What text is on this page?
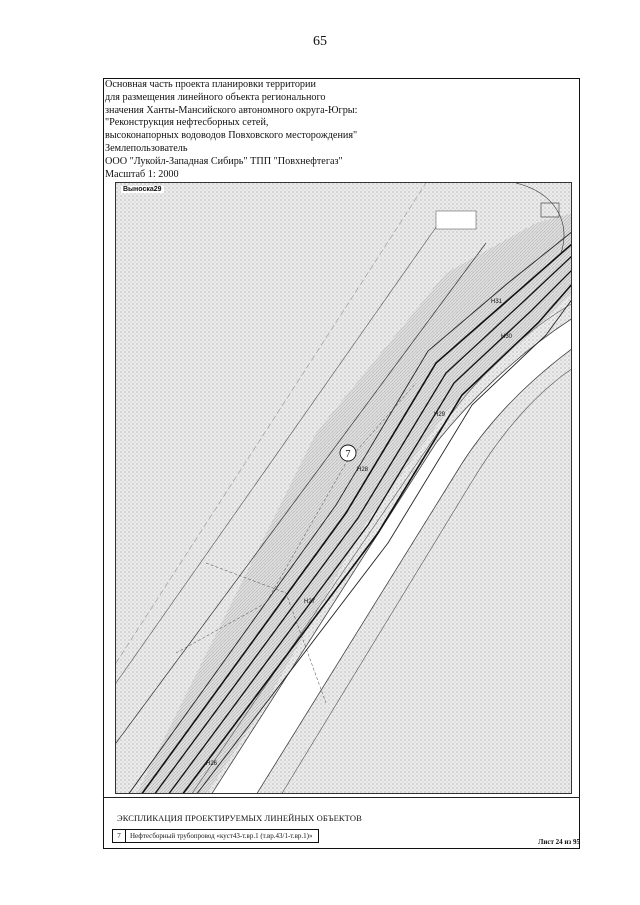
65
Основная часть проекта планировки территории
для размещения линейного объекта регионального
значения Ханты-Мансийского автономного округа-Югры:
"Реконструкция нефтесборных сетей,
высоконапорных водоводов Повховского месторождения"
Землепользователь
ООО "Лукойл-Западная Сибирь" ТПП "Повхнефтегаз"
Масштаб 1: 2000
7
Н26
Н27
Н28
Н29
Н30
Н31
Выноска29
ЭКСПЛИКАЦИЯ ПРОЕКТИРУЕМЫХ ЛИНЕЙНЫХ ОБЪЕКТОВ
7	Нефтесборный трубопровод «куст43-т.вр.1 (т.вр.43/1-т.вр.1)»
Лист 24 из 95
